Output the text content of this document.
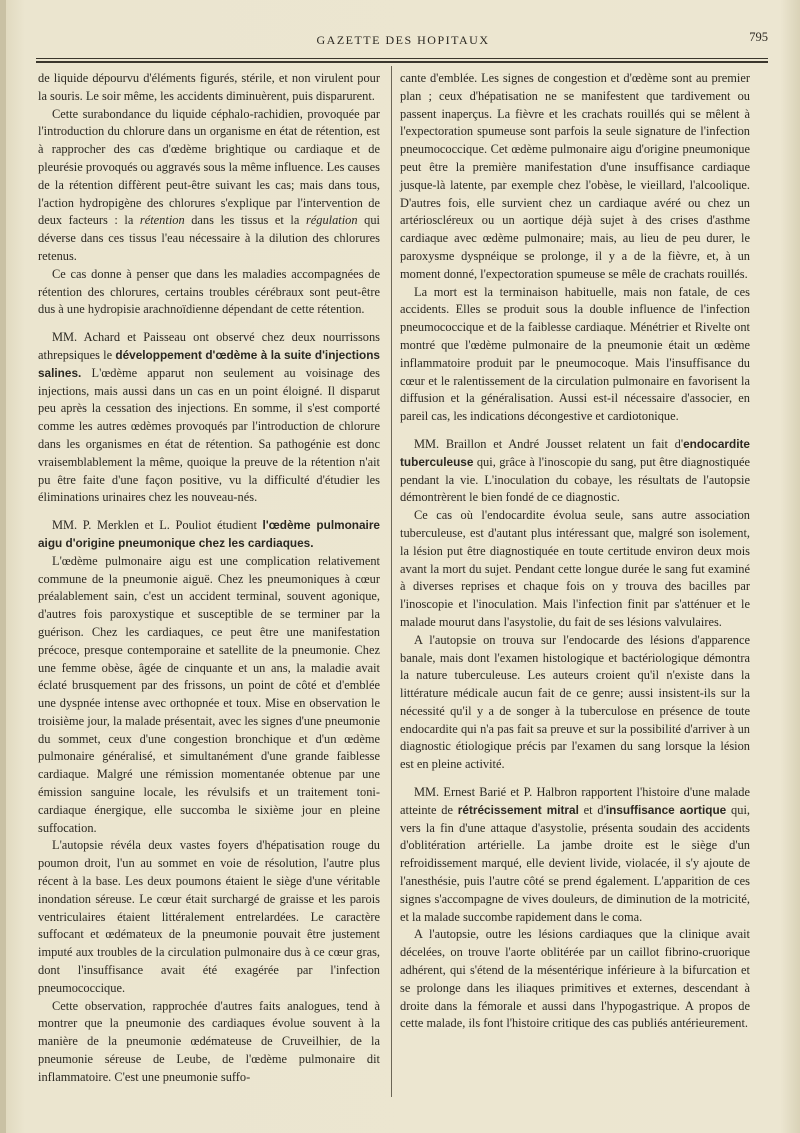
GAZETTE DES HOPITAUX	795

de liquide dépourvu d'éléments figurés, stérile, et non virulent pour la souris. Le soir même, les accidents diminuèrent, puis disparurent.

Cette surabondance du liquide céphalo-rachidien, provoquée par l'introduction du chlorure dans un organisme en état de rétention, est à rapprocher des cas d'œdème brightique ou cardiaque et de pleurésie provoqués ou aggravés sous la même influence. Les causes de la rétention diffèrent peut-être suivant les cas; mais dans tous, l'action hydropigène des chlorures s'explique par l'intervention de deux facteurs : la rétention dans les tissus et la régulation qui déverse dans ces tissus l'eau nécessaire à la dilution des chlorures retenus.

Ce cas donne à penser que dans les maladies accompagnées de rétention des chlorures, certains troubles cérébraux sont peut-être dus à une hydropisie arachnoïdienne dépendant de cette rétention.

MM. Achard et Paisseau ont observé chez deux nourrissons athrepsiques le développement d'œdème à la suite d'injections salines. L'œdème apparut non seulement au voisinage des injections, mais aussi dans un cas en un point éloigné. Il disparut peu après la cessation des injections. En somme, il s'est comporté comme les autres œdèmes provoqués par l'introduction de chlorure dans les organismes en état de rétention. Sa pathogénie est donc vraisemblablement la même, quoique la preuve de la rétention n'ait pu être faite d'une façon positive, vu la difficulté d'étudier les éliminations urinaires chez les nouveau-nés.

MM. P. Merklen et L. Pouliot étudient l'œdème pulmonaire aigu d'origine pneumonique chez les cardiaques.

L'œdème pulmonaire aigu est une complication relativement commune de la pneumonie aiguë. Chez les pneumoniques à cœur préalablement sain, c'est un accident terminal, souvent agonique, d'autres fois paroxystique et susceptible de se terminer par la guérison. Chez les cardiaques, ce peut être une manifestation précoce, presque contemporaine et satellite de la pneumonie. Chez une femme obèse, âgée de cinquante et un ans, la maladie avait éclaté brusquement par des frissons, un point de côté et d'emblée une dyspnée intense avec orthopnée et toux. Mise en observation le troisième jour, la malade présentait, avec les signes d'une pneumonie du sommet, ceux d'une congestion bronchique et d'un œdème pulmonaire généralisé, et simultanément d'une grande faiblesse cardiaque. Malgré une rémission momentanée obtenue par une émission sanguine locale, les révulsifs et un traitement toni-cardiaque énergique, elle succomba le sixième jour en pleine suffocation.

L'autopsie révéla deux vastes foyers d'hépatisation rouge du poumon droit, l'un au sommet en voie de résolution, l'autre plus récent à la base. Les deux poumons étaient le siège d'une véritable inondation séreuse. Le cœur était surchargé de graisse et les parois ventriculaires étaient littéralement entrelardées. Le caractère suffocant et œdémateux de la pneumonie pouvait être justement imputé aux troubles de la circulation pulmonaire dus à ce cœur gras, dont l'insuffisance avait été exagérée par l'infection pneumococcique.

Cette observation, rapprochée d'autres faits analogues, tend à montrer que la pneumonie des cardiaques évolue souvent à la manière de la pneumonie œdémateuse de Cruveilhier, de la pneumonie séreuse de Leube, de l'œdème pulmonaire dit inflammatoire. C'est une pneumonie suffo-

cante d'emblée. Les signes de congestion et d'œdème sont au premier plan ; ceux d'hépatisation ne se manifestent que tardivement ou passent inaperçus. La fièvre et les crachats rouillés qui se mêlent à l'expectoration spumeuse sont parfois la seule signature de l'infection pneumococcique. Cet œdème pulmonaire aigu d'origine pneumonique peut être la première manifestation d'une insuffisance cardiaque jusque-là latente, par exemple chez l'obèse, le vieillard, l'alcoolique. D'autres fois, elle survient chez un cardiaque avéré ou chez un artérioscléreux ou un aortique déjà sujet à des crises d'asthme cardiaque avec œdème pulmonaire; mais, au lieu de peu durer, le paroxysme dyspnéique se prolonge, il y a de la fièvre, et, à un moment donné, l'expectoration spumeuse se mêle de crachats rouillés.

La mort est la terminaison habituelle, mais non fatale, de ces accidents. Elles se produit sous la double influence de l'infection pneumococcique et de la faiblesse cardiaque. Ménétrier et Rivelte ont montré que l'œdème pulmonaire de la pneumonie était un œdème inflammatoire produit par le pneumocoque. Mais l'insuffisance du cœur et le ralentissement de la circulation pulmonaire en favorisent la diffusion et la généralisation. Aussi est-il nécessaire d'associer, en pareil cas, les indications décongestive et cardiotonique.

MM. Braillon et André Jousset relatent un fait d'endocardite tuberculeuse qui, grâce à l'inoscopie du sang, put être diagnostiquée pendant la vie. L'inoculation du cobaye, les résultats de l'autopsie démontrèrent le bien fondé de ce diagnostic.

Ce cas où l'endocardite évolua seule, sans autre association tuberculeuse, est d'autant plus intéressant que, malgré son isolement, la lésion put être diagnostiquée en toute certitude environ deux mois avant la mort du sujet. Pendant cette longue durée le sang fut examiné à diverses reprises et chaque fois on y trouva des bacilles par l'inoscopie et l'inoculation. Mais l'infection finit par s'atténuer et le malade mourut dans l'asystolie, du fait de ses lésions valvulaires.

A l'autopsie on trouva sur l'endocarde des lésions d'apparence banale, mais dont l'examen histologique et bactériologique démontra la nature tuberculeuse. Les auteurs croient qu'il n'existe dans la littérature médicale aucun fait de ce genre; aussi insistent-ils sur la nécessité qu'il y a de songer à la tuberculose en présence de toute endocardite qui n'a pas fait sa preuve et sur la possibilité d'arriver à un diagnostic étiologique précis par l'examen du sang lorsque la lésion est en pleine activité.

MM. Ernest Barié et P. Halbron rapportent l'histoire d'une malade atteinte de rétrécissement mitral et d'insuffisance aortique qui, vers la fin d'une attaque d'asystolie, présenta soudain des accidents d'oblitération artérielle. La jambe droite est le siège d'un refroidissement marqué, elle devient livide, violacée, il s'y ajoute de l'anesthésie, puis l'autre côté se prend également. L'apparition de ces signes s'accompagne de vives douleurs, de diminution de la motricité, et la malade succombe rapidement dans le coma.

A l'autopsie, outre les lésions cardiaques que la clinique avait décelées, on trouve l'aorte oblitérée par un caillot fibrino-cruorique adhérent, qui s'étend de la mésentérique inférieure à la bifurcation et se prolonge dans les iliaques primitives et externes, descendant à droite dans la fémorale et aussi dans l'hypogastrique. A propos de cette malade, ils font l'histoire critique des cas publiés antérieurement.
